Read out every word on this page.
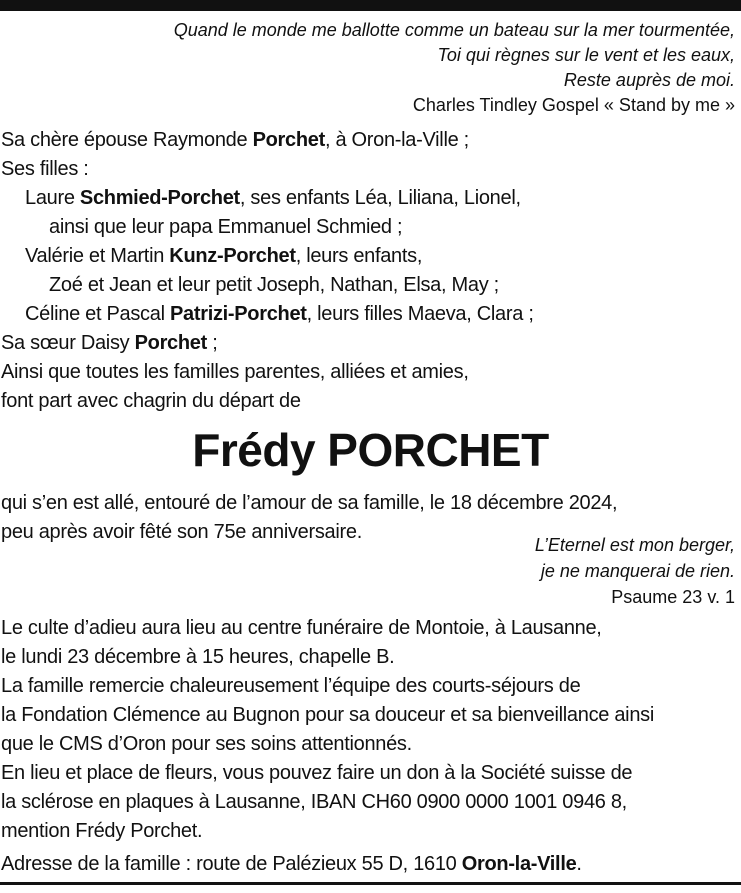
Quand le monde me ballotte comme un bateau sur la mer tourmentée,
Toi qui règnes sur le vent et les eaux,
Reste auprès de moi.
Charles Tindley Gospel « Stand by me »
Sa chère épouse Raymonde Porchet, à Oron-la-Ville ;
Ses filles :
Laure Schmied-Porchet, ses enfants Léa, Liliana, Lionel,
ainsi que leur papa Emmanuel Schmied ;
Valérie et Martin Kunz-Porchet, leurs enfants,
Zoé et Jean et leur petit Joseph, Nathan, Elsa, May ;
Céline et Pascal Patrizi-Porchet, leurs filles Maeva, Clara ;
Sa sœur Daisy Porchet ;
Ainsi que toutes les familles parentes, alliées et amies,
font part avec chagrin du départ de
Frédy PORCHET
qui s’en est allé, entouré de l’amour de sa famille, le 18 décembre 2024,
peu après avoir fêté son 75e anniversaire.
L’Eternel est mon berger,
je ne manquerai de rien.
Psaume 23 v. 1
Le culte d’adieu aura lieu au centre funéraire de Montoie, à Lausanne,
le lundi 23 décembre à 15 heures, chapelle B.
La famille remercie chaleureusement l’équipe des courts-séjours de
la Fondation Clémence au Bugnon pour sa douceur et sa bienveillance ainsi
que le CMS d’Oron pour ses soins attentionnés.
En lieu et place de fleurs, vous pouvez faire un don à la Société suisse de
la sclérose en plaques à Lausanne, IBAN CH60 0900 0000 1001 0946 8,
mention Frédy Porchet.
Adresse de la famille : route de Palézieux 55 D, 1610 Oron-la-Ville.
